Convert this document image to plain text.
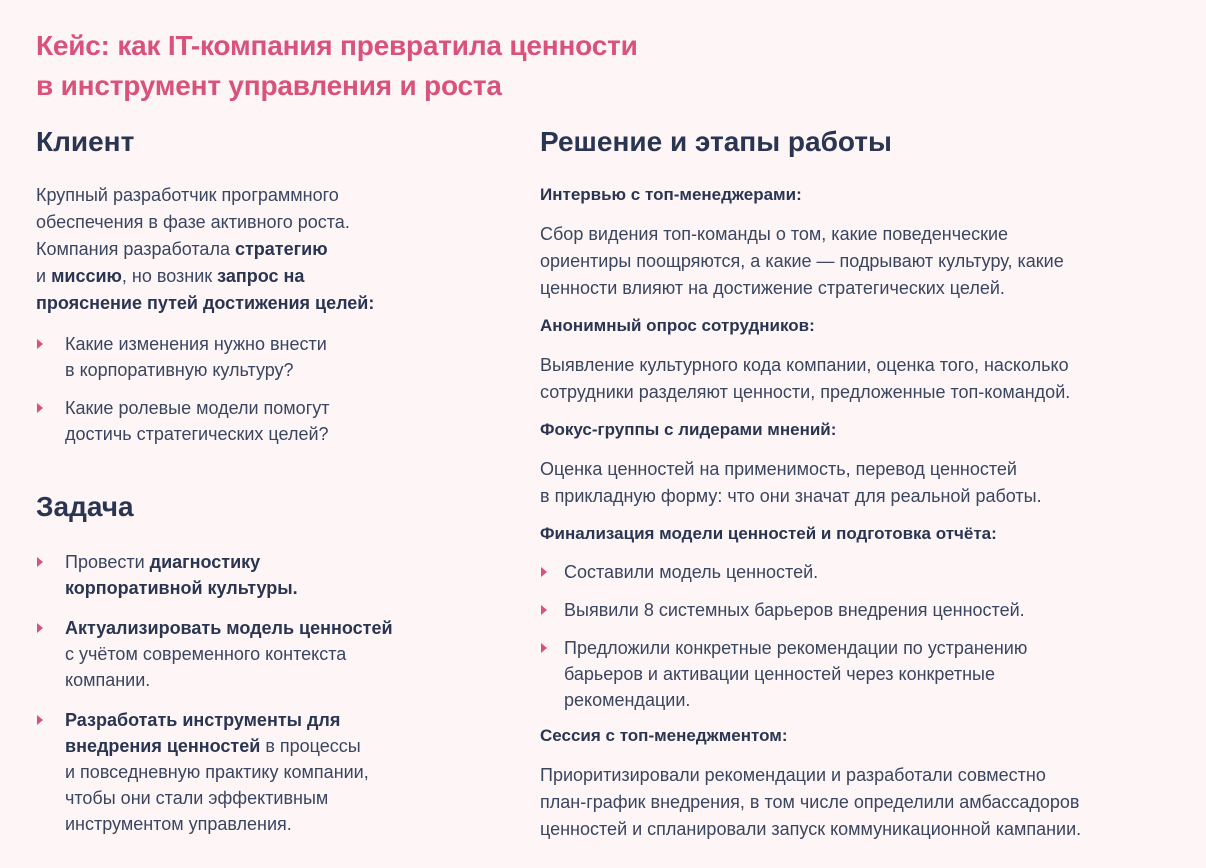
Кейс: как IT-компания превратила ценности
в инструмент управления и роста
Клиент
Крупный разработчик программного
обеспечения в фазе активного роста.
Компания разработала стратегию
и миссию, но возник запрос на
прояснение путей достижения целей:
Какие изменения нужно внести
в корпоративную культуру?
Какие ролевые модели помогут
достичь стратегических целей?
Задача
Провести диагностику
корпоративной культуры.
Актуализировать модель ценностей
с учётом современного контекста
компании.
Разработать инструменты для
внедрения ценностей в процессы
и повседневную практику компании,
чтобы они стали эффективным
инструментом управления.
Решение и этапы работы
Интервью с топ-менеджерами:
Сбор видения топ-команды о том, какие поведенческие
ориентиры поощряются, а какие — подрывают культуру, какие
ценности влияют на достижение стратегических целей.
Анонимный опрос сотрудников:
Выявление культурного кода компании, оценка того, насколько
сотрудники разделяют ценности, предложенные топ-командой.
Фокус-группы с лидерами мнений:
Оценка ценностей на применимость, перевод ценностей
в прикладную форму: что они значат для реальной работы.
Финализация модели ценностей и подготовка отчёта:
Составили модель ценностей.
Выявили 8 системных барьеров внедрения ценностей.
Предложили конкретные рекомендации по устранению
барьеров и активации ценностей через конкретные
рекомендации.
Сессия с топ-менеджментом:
Приоритизировали рекомендации и разработали совместно
план-график внедрения, в том числе определили амбассадоров
ценностей и спланировали запуск коммуникационной кампании.
